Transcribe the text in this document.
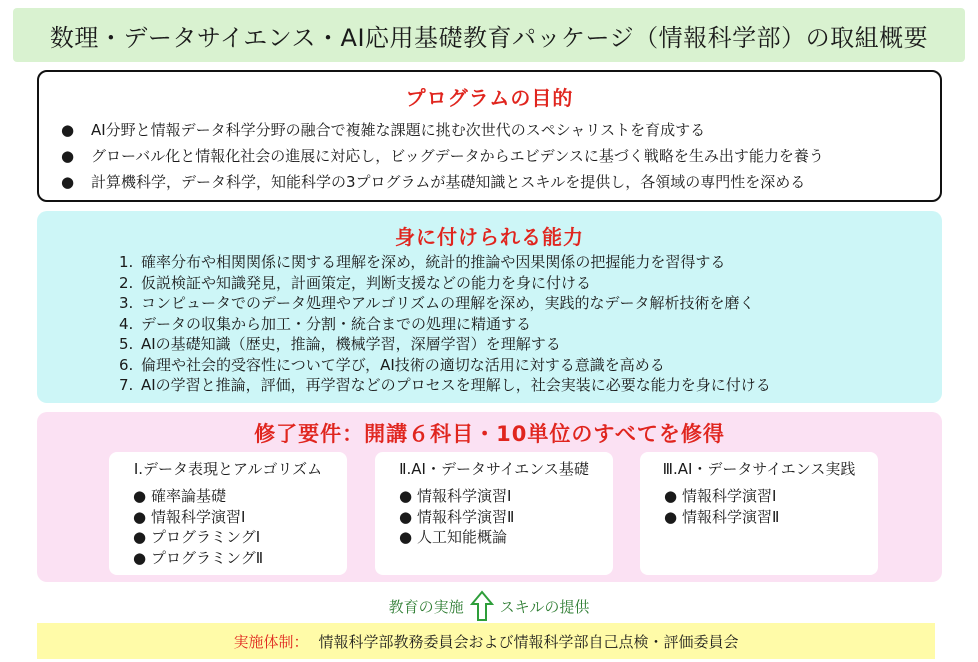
数理・データサイエンス・AI応用基礎教育パッケージ（情報科学部）の取組概要
プログラムの目的
●	AI分野と情報データ科学分野の融合で複雑な課題に挑む次世代のスペシャリストを育成する
●	グローバル化と情報化社会の進展に対応し，ビッグデータからエビデンスに基づく戦略を生み出す能力を養う
●	計算機科学，データ科学，知能科学の3プログラムが基礎知識とスキルを提供し，各領域の専門性を深める
身に付けられる能力
1. 確率分布や相関関係に関する理解を深め，統計的推論や因果関係の把握能力を習得する
2. 仮説検証や知識発見，計画策定，判断支援などの能力を身に付ける
3. コンピュータでのデータ処理やアルゴリズムの理解を深め，実践的なデータ解析技術を磨く
4. データの収集から加工・分割・統合までの処理に精通する
5. AIの基礎知識（歴史，推論，機械学習，深層学習）を理解する
6. 倫理や社会的受容性について学び，AI技術の適切な活用に対する意識を高める
7. AIの学習と推論，評価，再学習などのプロセスを理解し，社会実装に必要な能力を身に付ける
修了要件：開講６科目・10単位のすべてを修得
Ⅰ.データ表現とアルゴリズム
● 確率論基礎
● 情報科学演習Ⅰ
● プログラミングⅠ
● プログラミングⅡ
Ⅱ.AI・データサイエンス基礎
● 情報科学演習Ⅰ
● 情報科学演習Ⅱ
● 人工知能概論
Ⅲ.AI・データサイエンス実践
● 情報科学演習Ⅰ
● 情報科学演習Ⅱ
教育の実施 スキルの提供
実施体制： 情報科学部教務委員会および情報科学部自己点検・評価委員会
